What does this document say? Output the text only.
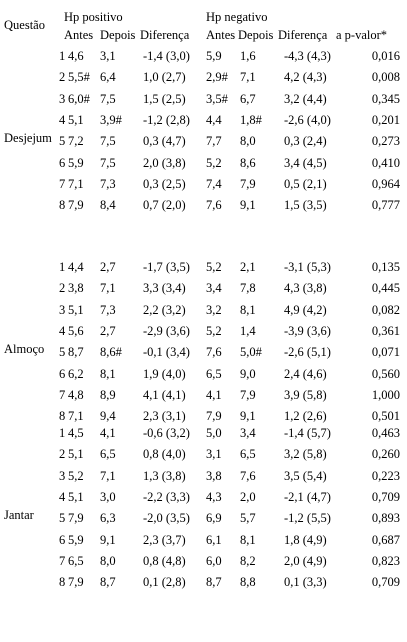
Questão
Hp positivo	Hp negativo
Antes Depois Diferença Antes Depois Diferença a p-valor*
Desjejum
1 4,6 3,1 -1,4 (3,0) 5,9 1,6 -4,3 (4,3)	0,016
2 5,5# 6,4 1,0 (2,7) 2,9# 7,1 4,2 (4,3)	0,008
3 6,0# 7,5 1,5 (2,5) 3,5# 6,7 3,2 (4,4)	0,345
4 5,1 3,9# -1,2 (2,8) 4,4 1,8# -2,6 (4,0)	0,201
5 7,2 7,5 0,3 (4,7) 7,7 8,0 0,3 (2,4)	0,273
6 5,9 7,5 2,0 (3,8) 5,2 8,6 3,4 (4,5)	0,410
7 7,1 7,3 0,3 (2,5) 7,4 7,9 0,5 (2,1)	0,964
8 7,9 8,4 0,7 (2,0) 7,6 9,1 1,5 (3,5)	0,777
Almoço
1 4,4 2,7 -1,7 (3,5) 5,2 2,1 -3,1 (5,3)	0,135
2 3,8 7,1 3,3 (3,4) 3,4 7,8 4,3 (3,8)	0,445
3 5,1 7,3 2,2 (3,2) 3,2 8,1 4,9 (4,2)	0,082
4 5,6 2,7 -2,9 (3,6) 5,2 1,4 -3,9 (3,6)	0,361
5 8,7 8,6# -0,1 (3,4) 7,6 5,0# -2,6 (5,1)	0,071
6 6,2 8,1 1,9 (4,0) 6,5 9,0 2,4 (4,6)	0,560
7 4,8 8,9 4,1 (4,1) 4,1 7,9 3,9 (5,8)	1,000
8 7,1 9,4 2,3 (3,1) 7,9 9,1 1,2 (2,6)	0,501
Jantar
1 4,5 4,1 -0,6 (3,2) 5,0 3,4 -1,4 (5,7)	0,463
2 5,1 6,5 0,8 (4,0) 3,1 6,5 3,2 (5,8)	0,260
3 5,2 7,1 1,3 (3,8) 3,8 7,6 3,5 (5,4)	0,223
4 5,1 3,0 -2,2 (3,3) 4,3 2,0 -2,1 (4,7)	0,709
5 7,9 6,3 -2,0 (3,5) 6,9 5,7 -1,2 (5,5)	0,893
6 5,9 9,1 2,3 (3,7) 6,1 8,1 1,8 (4,9)	0,687
7 6,5 8,0 0,8 (4,8) 6,0 8,2 2,0 (4,9)	0,823
8 7,9 8,7 0,1 (2,8) 8,7 8,8 0,1 (3,3)	0,709
